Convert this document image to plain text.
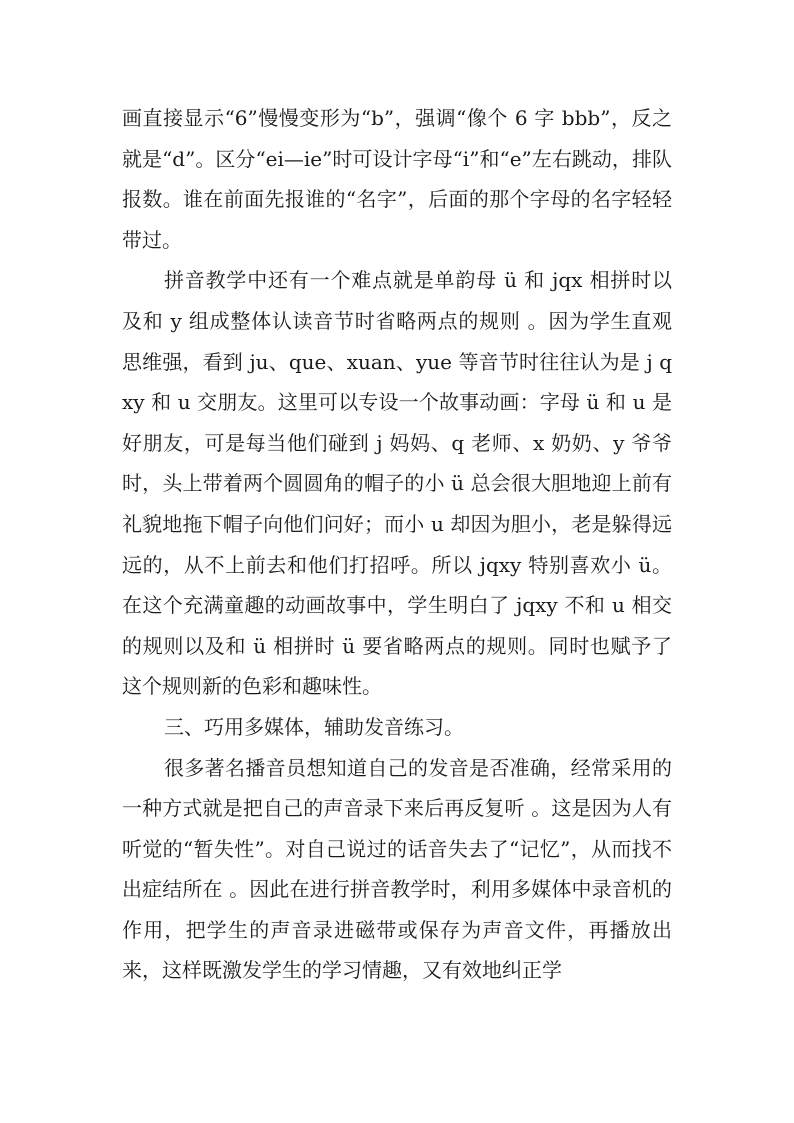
画直接显示“6”慢慢变形为“b”，强调“像个 6 字 bbb”，反之就是“d”。区分“ei—ie”时可设计字母“i”和“e”左右跳动，排队报数。谁在前面先报谁的“名字”，后面的那个字母的名字轻轻带过。

拼音教学中还有一个难点就是单韵母 ü 和 jqx 相拼时以及和 y 组成整体认读音节时省略两点的规则 。因为学生直观思维强，看到 ju、que、xuan、yue 等音节时往往认为是 j qxy 和 u 交朋友。这里可以专设一个故事动画：字母 ü 和 u 是好朋友，可是每当他们碰到 j 妈妈、q 老师、x 奶奶、y 爷爷时，头上带着两个圆圆角的帽子的小 ü 总会很大胆地迎上前有礼貌地拖下帽子向他们问好；而小 u 却因为胆小，老是躲得远远的，从不上前去和他们打招呼。所以 jqxy 特别喜欢小 ü。在这个充满童趣的动画故事中，学生明白了 jqxy 不和 u 相交的规则以及和 ü 相拼时 ü 要省略两点的规则。同时也赋予了这个规则新的色彩和趣味性。

三、巧用多媒体，辅助发音练习。

很多著名播音员想知道自己的发音是否准确，经常采用的一种方式就是把自己的声音录下来后再反复听 。这是因为人有听觉的“暂失性”。对自己说过的话音失去了“记忆”，从而找不出症结所在 。因此在进行拼音教学时，利用多媒体中录音机的作用，把学生的声音录进磁带或保存为声音文件，再播放出来，这样既激发学生的学习情趣，又有效地纠正学
